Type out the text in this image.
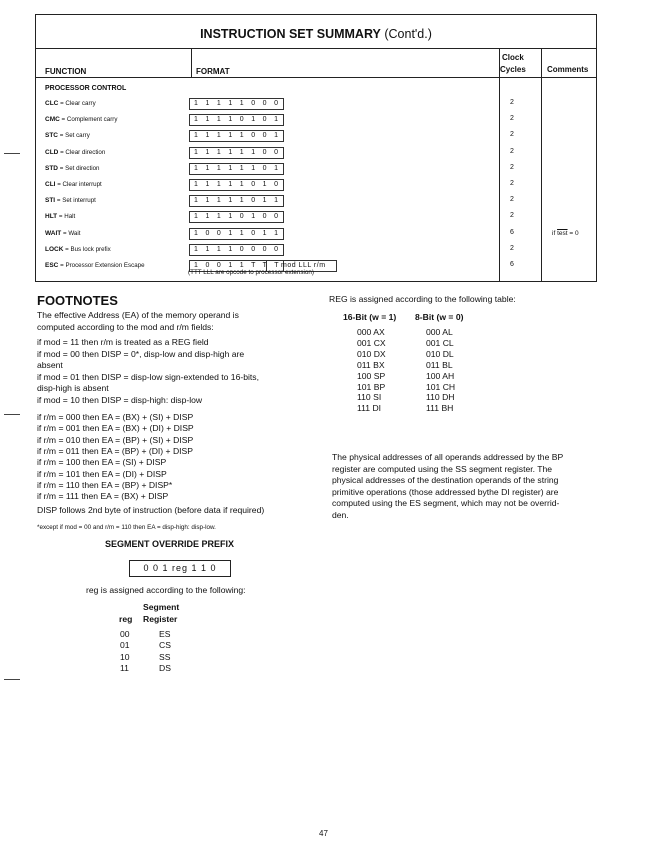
INSTRUCTION SET SUMMARY (Cont'd.)
FUNCTION	FORMAT
Clock
Cycles	Comments
PROCESSOR CONTROL
CLC = Clear carry	1 1 1 1 1 0 0 0	2
CMC = Complement carry	1 1 1 1 0 1 0 1	2
STC = Set carry	1 1 1 1 1 0 0 1	2
CLD = Clear direction	1 1 1 1 1 1 0 0	2
STD = Set direction	1 1 1 1 1 1 0 1	2
CLI = Clear interrupt	1 1 1 1 1 0 1 0	2
STI = Set interrupt	1 1 1 1 1 0 1 1	2
HLT = Halt	1 1 1 1 0 1 0 0	2
WAIT = Wait	1 0 0 1 1 0 1 1	6	if test = 0
LOCK = Bus lock prefix	1 1 1 1 0 0 0 0	2
ESC = Processor Extension Escape	1 0 0 1 1 T T T mod LLL r/m	6
(TTT LLL are opcode to processor extension)
FOOTNOTES
The effective Address (EA) of the memory operand is
computed according to the mod and r/m fields:
if mod = 11 then r/m is treated as a REG field
if mod = 00 then DISP = 0*, disp-low and disp-high are
absent
if mod = 01 then DISP = disp-low sign-extended to 16-bits,
disp-high is absent
if mod = 10 then DISP = disp-high: disp-low
if r/m = 000 then EA = (BX) + (SI) + DISP
if r/m = 001 then EA = (BX) + (DI) + DISP
if r/m = 010 then EA = (BP) + (SI) + DISP
if r/m = 011 then EA = (BP) + (DI) + DISP
if r/m = 100 then EA = (SI) + DISP
if r/m = 101 then EA = (DI) + DISP
if r/m = 110 then EA = (BP) + DISP*
if r/m = 111 then EA = (BX) + DISP
DISP follows 2nd byte of instruction (before data if required)
*except if mod = 00 and r/m = 110 then EA = disp-high: disp-low.
SEGMENT OVERRIDE PREFIX
0 0 1 reg 1 1 0
reg is assigned according to the following:
Segment
reg Register
00	ES
01	CS
10	SS
11	DS
REG is assigned according to the following table:
16-Bit (w = 1) 8-Bit (w = 0)
000 AX	000 AL
001 CX	001 CL
010 DX	010 DL
011 BX	011 BL
100 SP	100 AH
101 BP	101 CH
110 SI	110 DH
111 DI	111 BH
The physical addresses of all operands addressed by the BP
register are computed using the SS segment register. The
physical addresses of the destination operands of the string
primitive operations (those addressed bythe DI register) are
computed using the ES segment, which may not be overrid-
den.
47
